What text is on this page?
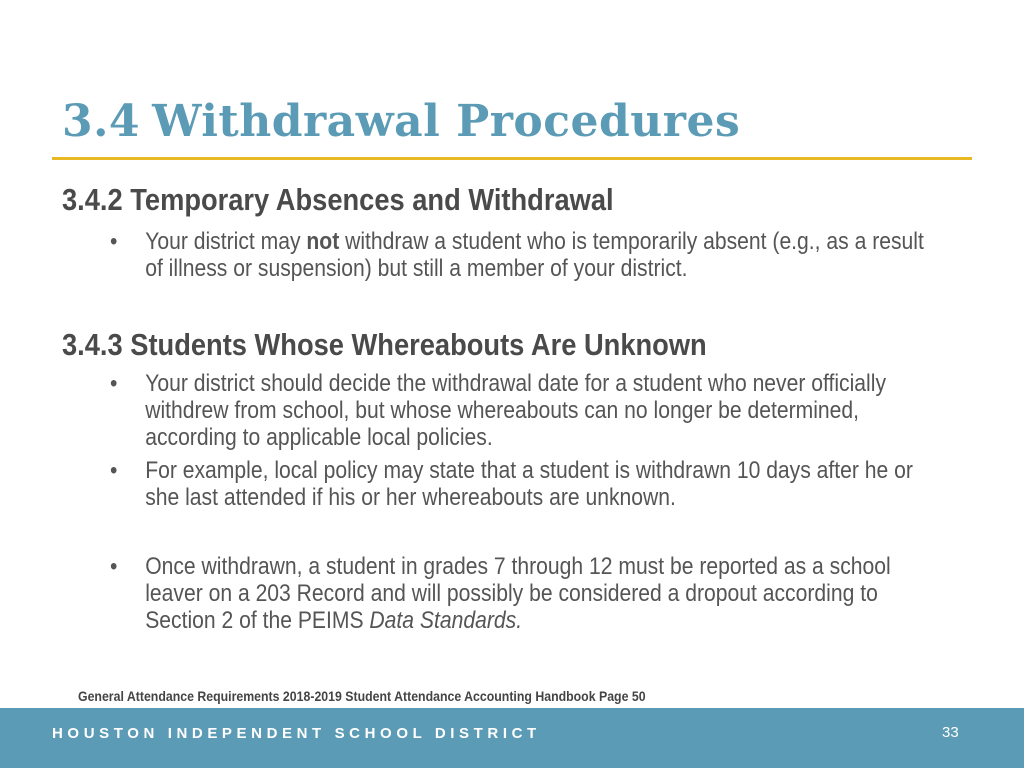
3.4 Withdrawal Procedures
3.4.2 Temporary Absences and Withdrawal
• Your district may not withdraw a student who is temporarily absent (e.g., as a result of illness or suspension) but still a member of your district.
3.4.3 Students Whose Whereabouts Are Unknown
• Your district should decide the withdrawal date for a student who never officially withdrew from school, but whose whereabouts can no longer be determined, according to applicable local policies.
• For example, local policy may state that a student is withdrawn 10 days after he or she last attended if his or her whereabouts are unknown.
• Once withdrawn, a student in grades 7 through 12 must be reported as a school leaver on a 203 Record and will possibly be considered a dropout according to Section 2 of the PEIMS Data Standards.
General Attendance Requirements 2018-2019 Student Attendance Accounting Handbook Page 50
HOUSTON INDEPENDENT SCHOOL DISTRICT	33
